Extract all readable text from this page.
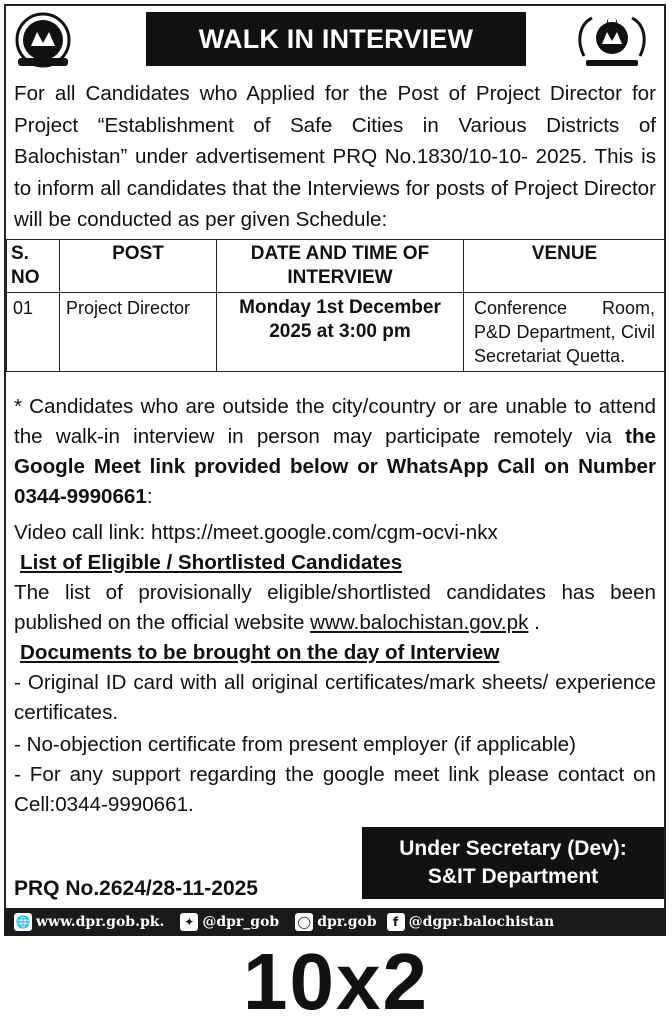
WALK IN INTERVIEW

For all Candidates who Applied for the Post of Project Director for Project “Establishment of Safe Cities in Various Districts of Balochistan” under advertisement PRQ No.1830/10-10- 2025. This is to inform all candidates that the Interviews for posts of Project Director will be conducted as per given Schedule:

S. NO	POST	DATE AND TIME OF INTERVIEW	VENUE
01	Project Director	Monday 1st December 2025 at 3:00 pm	Conference Room, P&D Department, Civil Secretariat Quetta.

* Candidates who are outside the city/country or are unable to attend the walk-in interview in person may participate remotely via the Google Meet link provided below or WhatsApp Call on Number 0344-9990661:

Video call link: https://meet.google.com/cgm-ocvi-nkx

List of Eligible / Shortlisted Candidates

The list of provisionally eligible/shortlisted candidates has been published on the official website www.balochistan.gov.pk .

Documents to be brought on the day of Interview

- Original ID card with all original certificates/mark sheets/ experience certificates.

- No-objection certificate from present employer (if applicable)

- For any support regarding the google meet link please contact on Cell:0344-9990661.

Under Secretary (Dev):
S&IT Department
PRQ No.2624/28-11-2025
🌐 www.dpr.gob.pk.	✦ @dpr_gob ◯ dpr.gob	f @dgpr.balochistan
10x2
